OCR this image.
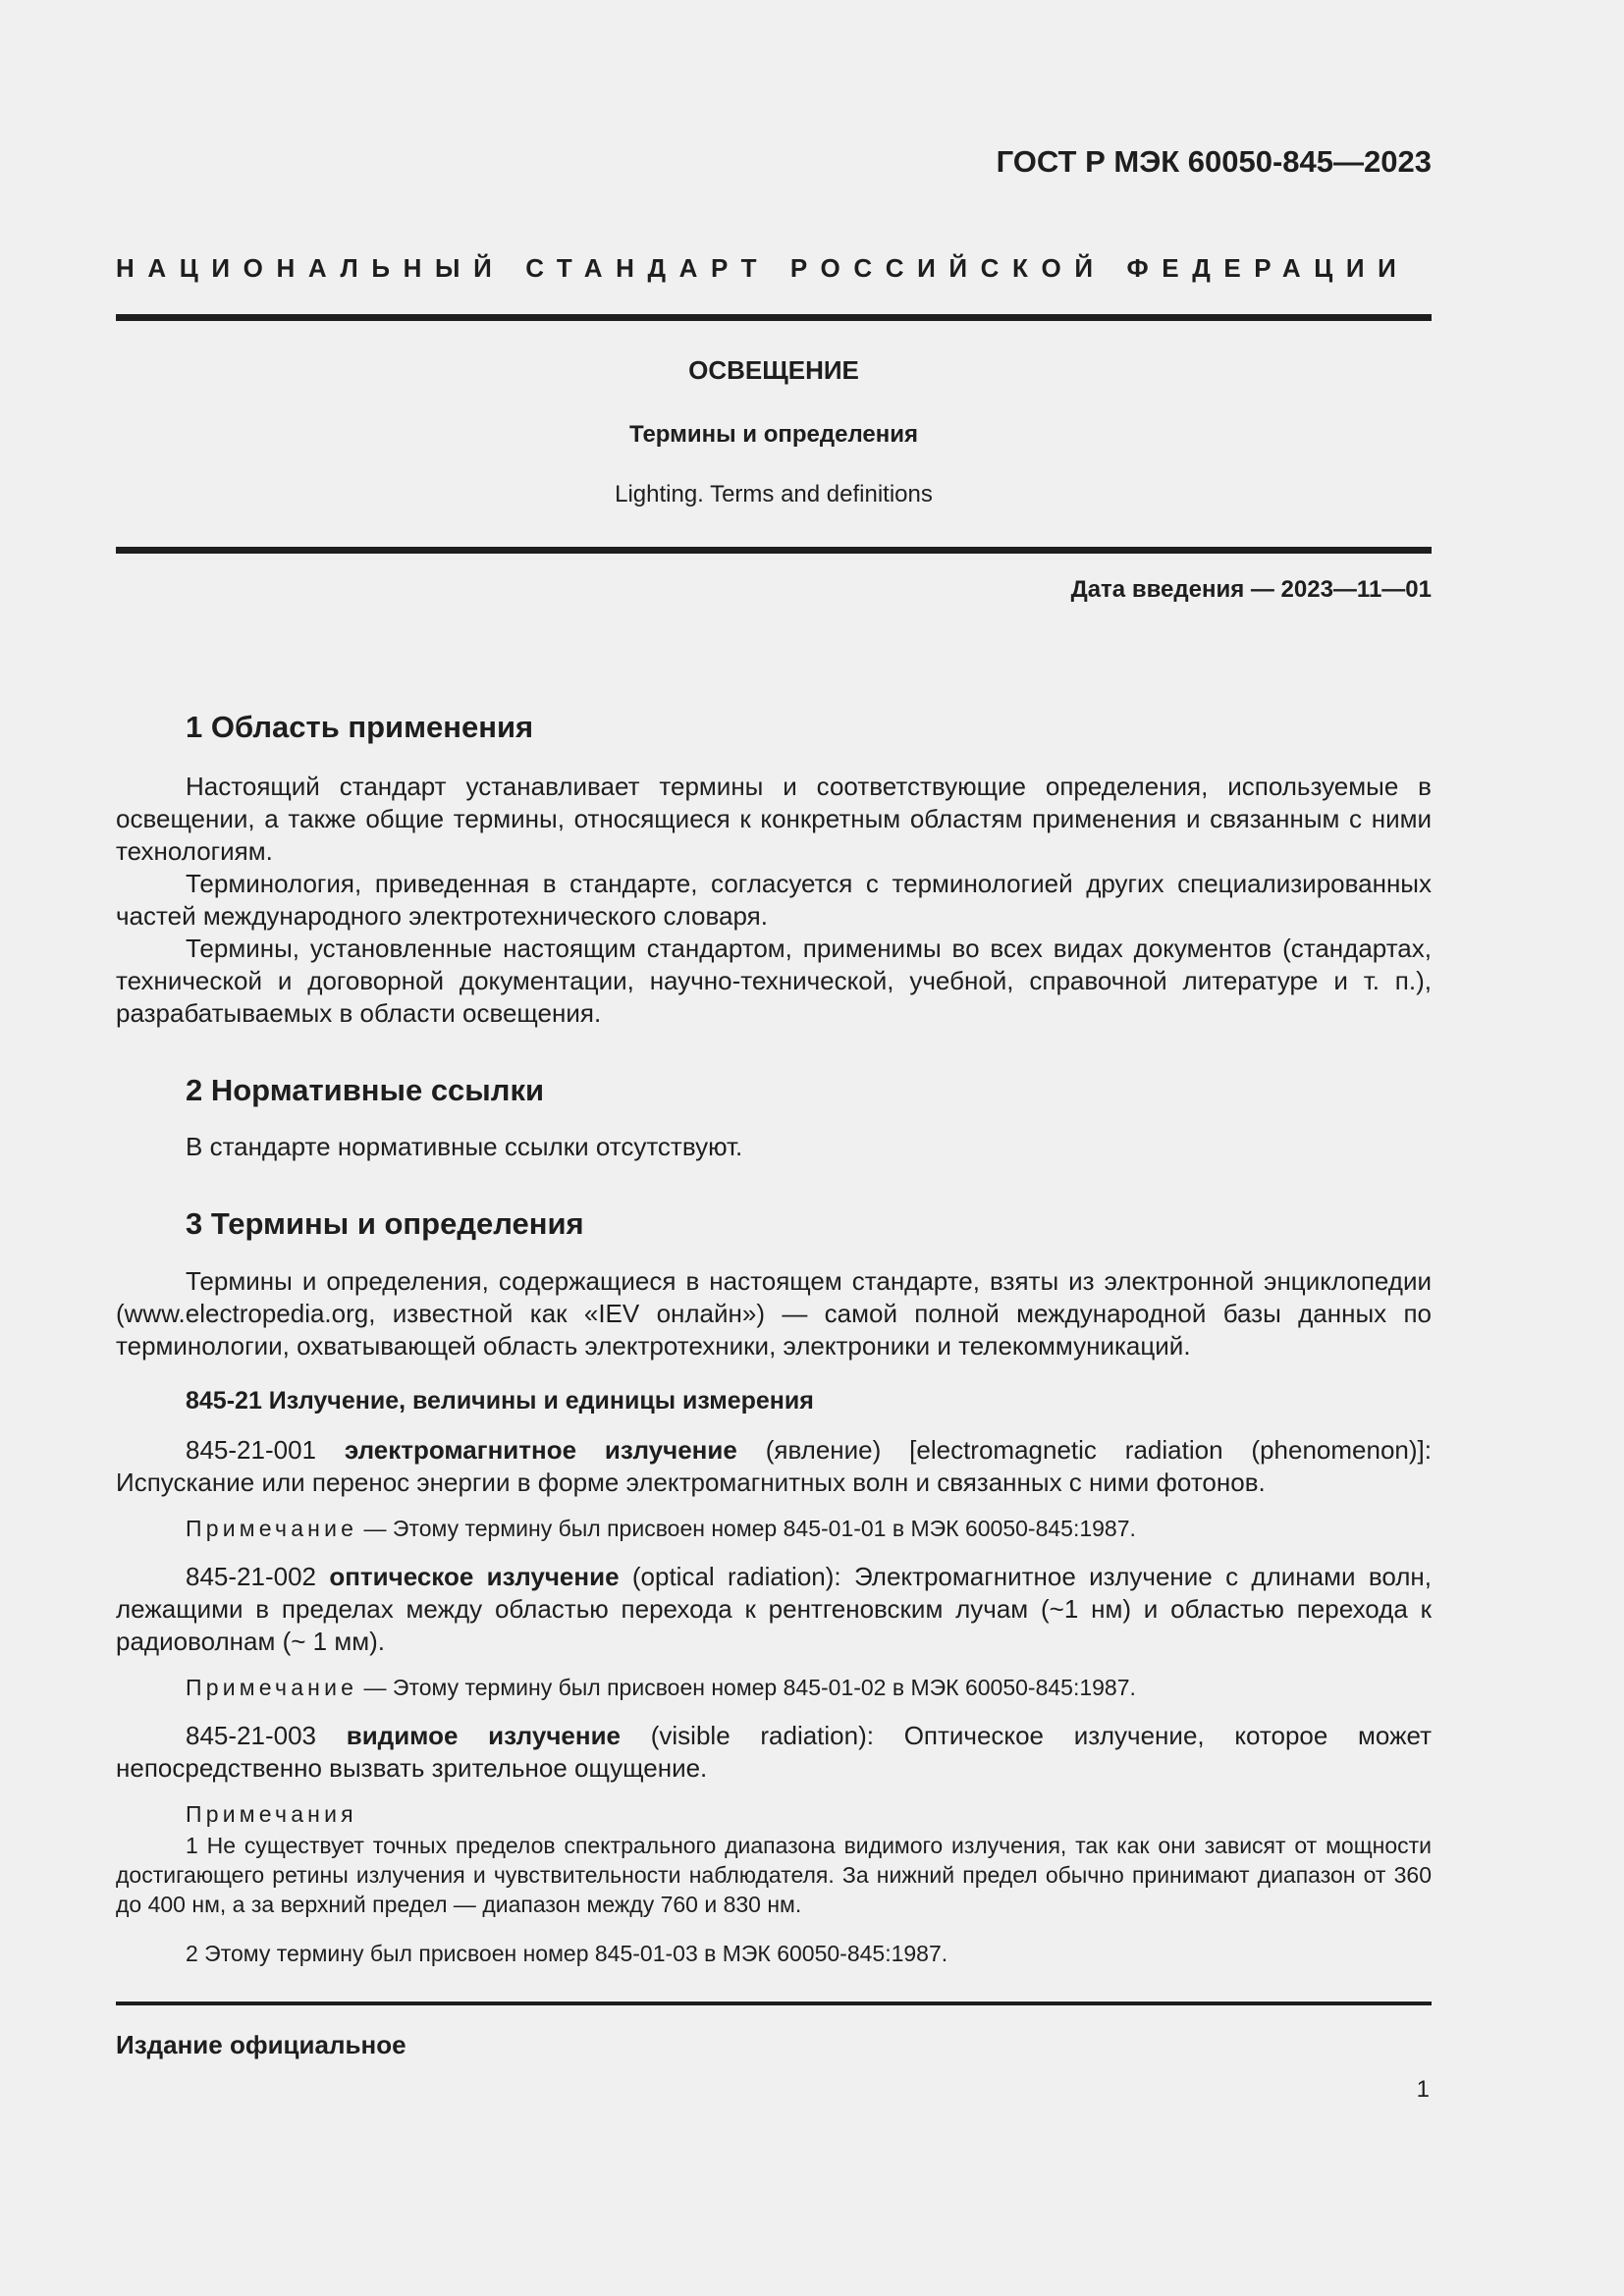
ГОСТ Р МЭК 60050-845—2023
НАЦИОНАЛЬНЫЙ СТАНДАРТ РОССИЙСКОЙ ФЕДЕРАЦИИ
ОСВЕЩЕНИЕ
Термины и определения
Lighting. Terms and definitions
Дата введения — 2023—11—01
1 Область применения

Настоящий стандарт устанавливает термины и соответствующие определения, используемые в освещении, а также общие термины, относящиеся к конкретным областям применения и связанным с ними технологиям.

Терминология, приведенная в стандарте, согласуется с терминологией других специализированных частей международного электротехнического словаря.

Термины, установленные настоящим стандартом, применимы во всех видах документов (стандартах, технической и договорной документации, научно-технической, учебной, справочной литературе и т. п.), разрабатываемых в области освещения.

2 Нормативные ссылки

В стандарте нормативные ссылки отсутствуют.

3 Термины и определения

Термины и определения, содержащиеся в настоящем стандарте, взяты из электронной энциклопедии (www.electropedia.org, известной как «IEV онлайн») — самой полной международной базы данных по терминологии, охватывающей область электротехники, электроники и телекоммуникаций.

845-21 Излучение, величины и единицы измерения

845-21-001 электромагнитное излучение (явление) [electromagnetic radiation (phenomenon)]: Испускание или перенос энергии в форме электромагнитных волн и связанных с ними фотонов.

Примечание — Этому термину был присвоен номер 845-01-01 в МЭК 60050-845:1987.

845-21-002 оптическое излучение (optical radiation): Электромагнитное излучение с длинами волн, лежащими в пределах между областью перехода к рентгеновским лучам (~1 нм) и областью перехода к радиоволнам (~ 1 мм).

Примечание — Этому термину был присвоен номер 845-01-02 в МЭК 60050-845:1987.

845-21-003 видимое излучение (visible radiation): Оптическое излучение, которое может непосредственно вызвать зрительное ощущение.

Примечания

1 Не существует точных пределов спектрального диапазона видимого излучения, так как они зависят от мощности достигающего ретины излучения и чувствительности наблюдателя. За нижний предел обычно принимают диапазон от 360 до 400 нм, а за верхний предел — диапазон между 760 и 830 нм.

2 Этому термину был присвоен номер 845-01-03 в МЭК 60050-845:1987.

Издание официальное
1
